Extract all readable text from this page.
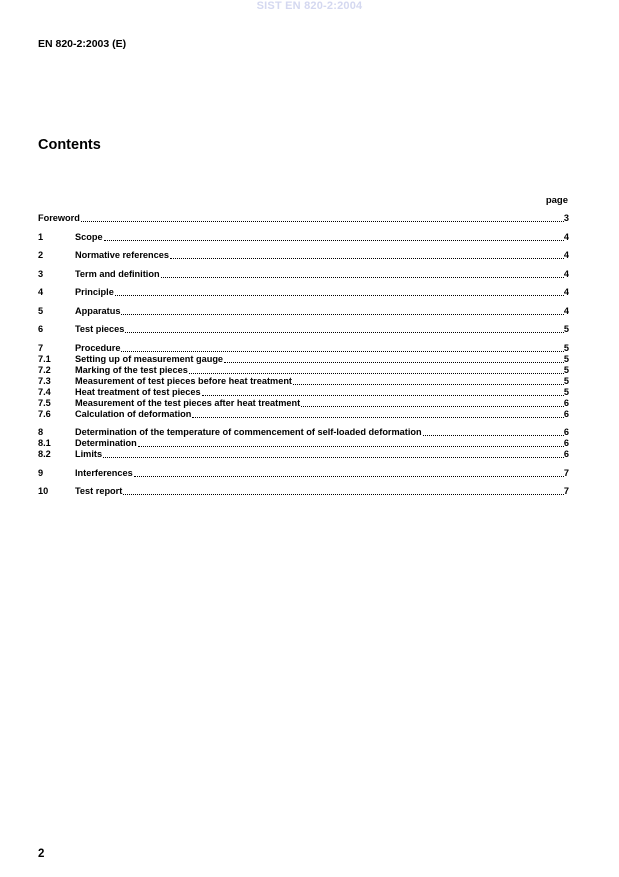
SIST EN 820-2:2004
EN 820-2:2003 (E)
Contents
page
Foreword	3
1	Scope	4
2	Normative references	4
3	Term and definition	4
4	Principle	4
5	Apparatus	4
6	Test pieces	5
7	Procedure	5
7.1	Setting up of measurement gauge	5
7.2	Marking of the test pieces	5
7.3	Measurement of test pieces before heat treatment	5
7.4	Heat treatment of test pieces	5
7.5	Measurement of the test pieces after heat treatment	6
7.6	Calculation of deformation	6
8	Determination of the temperature of commencement of self-loaded deformation	6
8.1	Determination	6
8.2	Limits	6
9	Interferences	7
10	Test report	7
2
